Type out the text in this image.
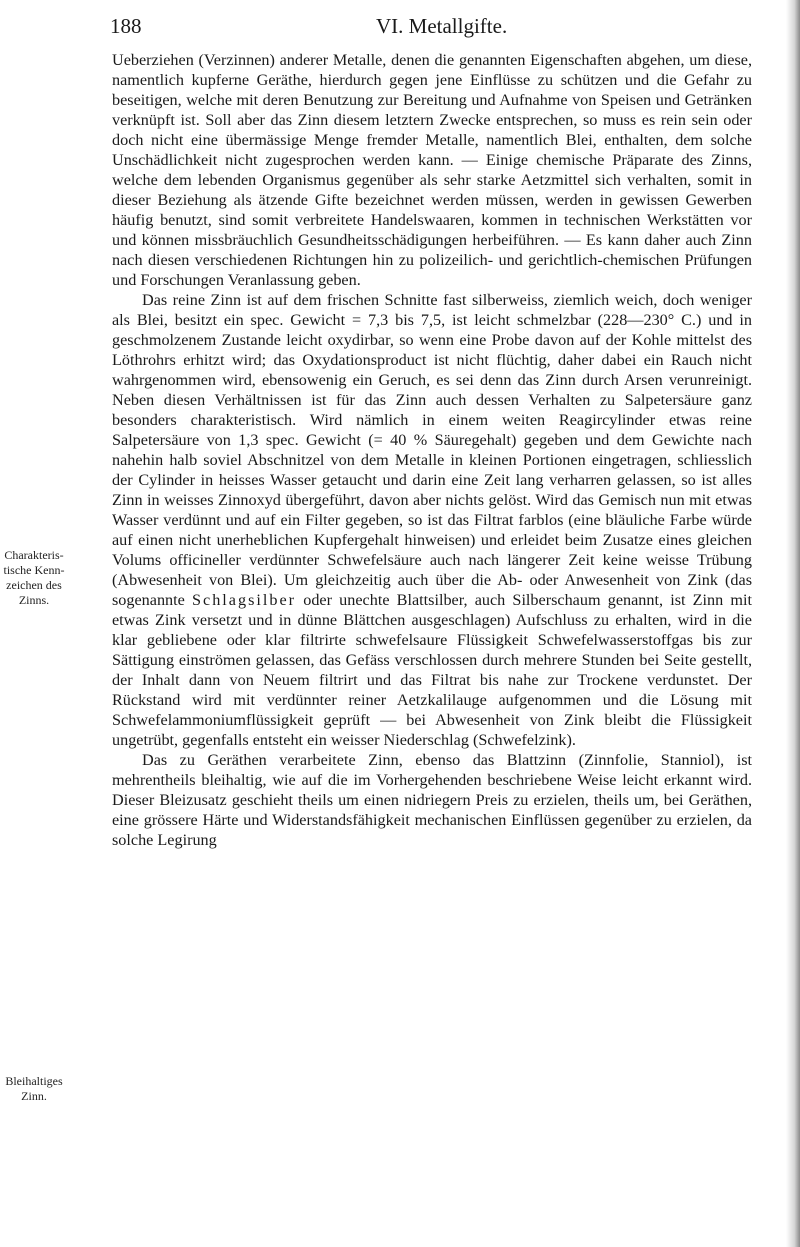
188	VI. Metallgifte.
Charakteris-tische Kenn-zeichen des Zinns.
Bleihaltiges Zinn.

Ueberziehen (Verzinnen) anderer Metalle, denen die genannten Eigenschaften abgehen, um diese, namentlich kupferne Geräthe, hierdurch gegen jene Einflüsse zu schützen und die Gefahr zu beseitigen, welche mit deren Benutzung zur Bereitung und Aufnahme von Speisen und Getränken verknüpft ist. Soll aber das Zinn diesem letztern Zwecke entsprechen, so muss es rein sein oder doch nicht eine übermässige Menge fremder Metalle, namentlich Blei, enthalten, dem solche Unschädlichkeit nicht zugesprochen werden kann. — Einige chemische Präparate des Zinns, welche dem lebenden Organismus gegenüber als sehr starke Aetzmittel sich verhalten, somit in dieser Beziehung als ätzende Gifte bezeichnet werden müssen, werden in gewissen Gewerben häufig benutzt, sind somit verbreitete Handelswaaren, kommen in technischen Werkstätten vor und können missbräuchlich Gesundheitsschädigungen herbeiführen. — Es kann daher auch Zinn nach diesen verschiedenen Richtungen hin zu polizeilich- und gerichtlich-chemischen Prüfungen und Forschungen Veranlassung geben.

Das reine Zinn ist auf dem frischen Schnitte fast silberweiss, ziemlich weich, doch weniger als Blei, besitzt ein spec. Gewicht = 7,3 bis 7,5, ist leicht schmelzbar (228—230° C.) und in geschmolzenem Zustande leicht oxydirbar, so wenn eine Probe davon auf der Kohle mittelst des Löthrohrs erhitzt wird; das Oxydationsproduct ist nicht flüchtig, daher dabei ein Rauch nicht wahrgenommen wird, ebensowenig ein Geruch, es sei denn das Zinn durch Arsen verunreinigt. Neben diesen Verhältnissen ist für das Zinn auch dessen Verhalten zu Salpetersäure ganz besonders charakteristisch. Wird nämlich in einem weiten Reagircylinder etwas reine Salpetersäure von 1,3 spec. Gewicht (= 40 % Säuregehalt) gegeben und dem Gewichte nach nahehin halb soviel Abschnitzel von dem Metalle in kleinen Portionen eingetragen, schliesslich der Cylinder in heisses Wasser getaucht und darin eine Zeit lang verharren gelassen, so ist alles Zinn in weisses Zinnoxyd übergeführt, davon aber nichts gelöst. Wird das Gemisch nun mit etwas Wasser verdünnt und auf ein Filter gegeben, so ist das Filtrat farblos (eine bläuliche Farbe würde auf einen nicht unerheblichen Kupfergehalt hinweisen) und erleidet beim Zusatze eines gleichen Volums officineller verdünnter Schwefelsäure auch nach längerer Zeit keine weisse Trübung (Abwesenheit von Blei). Um gleichzeitig auch über die Ab- oder Anwesenheit von Zink (das sogenannte Schlagsilber oder unechte Blattsilber, auch Silberschaum genannt, ist Zinn mit etwas Zink versetzt und in dünne Blättchen ausgeschlagen) Aufschluss zu erhalten, wird in die klar gebliebene oder klar filtrirte schwefelsaure Flüssigkeit Schwefelwasserstoffgas bis zur Sättigung einströmen gelassen, das Gefäss verschlossen durch mehrere Stunden bei Seite gestellt, der Inhalt dann von Neuem filtrirt und das Filtrat bis nahe zur Trockene verdunstet. Der Rückstand wird mit verdünnter reiner Aetzkalilauge aufgenommen und die Lösung mit Schwefelammoniumflüssigkeit geprüft — bei Abwesenheit von Zink bleibt die Flüssigkeit ungetrübt, gegenfalls entsteht ein weisser Niederschlag (Schwefelzink).

Das zu Geräthen verarbeitete Zinn, ebenso das Blattzinn (Zinnfolie, Stanniol), ist mehrentheils bleihaltig, wie auf die im Vorhergehenden beschriebene Weise leicht erkannt wird. Dieser Bleizusatz geschieht theils um einen nidriegern Preis zu erzielen, theils um, bei Geräthen, eine grössere Härte und Widerstandsfähigkeit mechanischen Einflüssen gegenüber zu erzielen, da solche Legirung
